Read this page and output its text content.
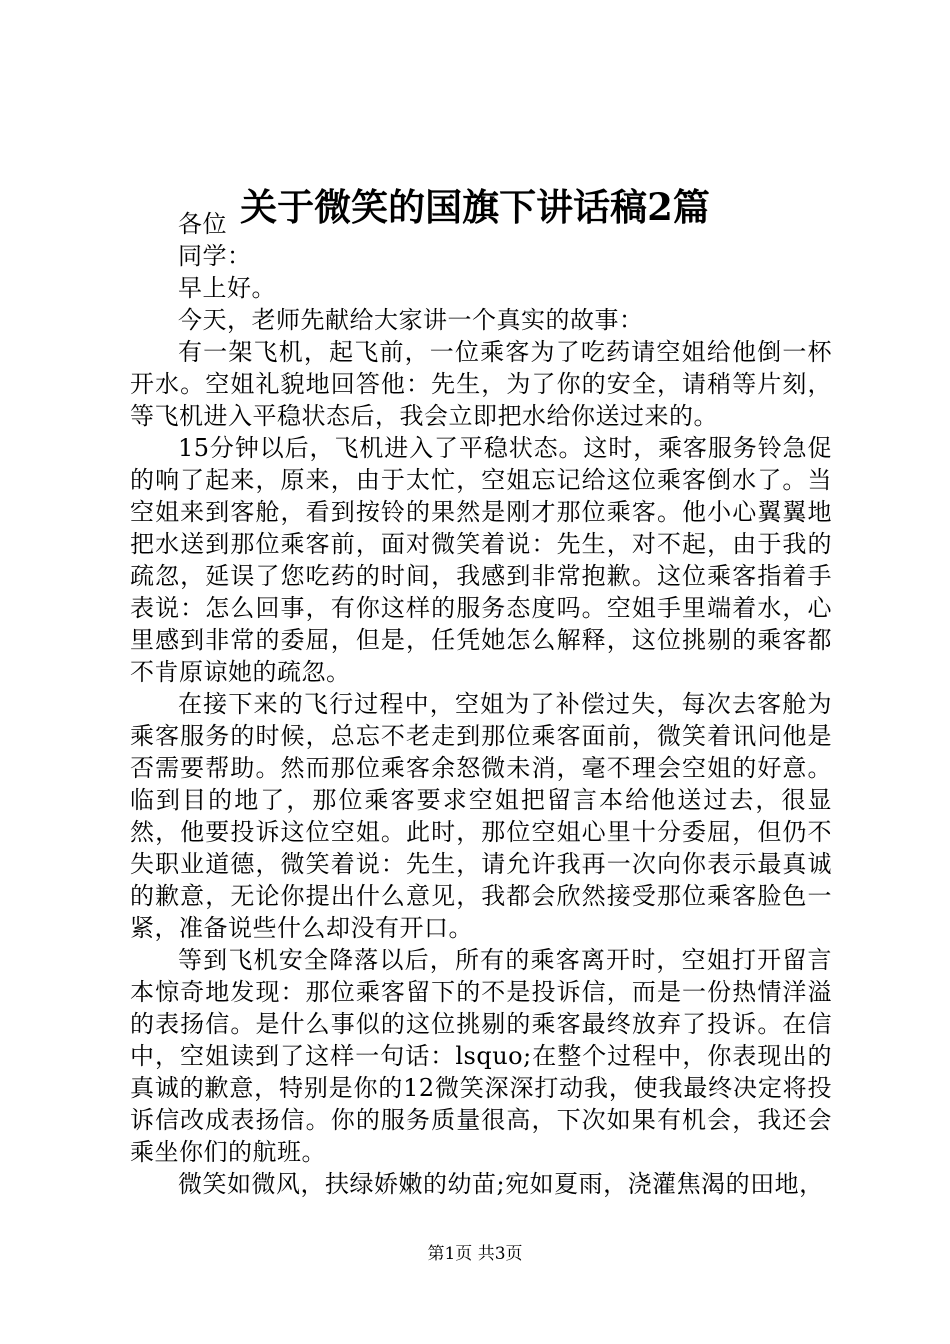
关于微笑的国旗下讲话稿2篇

各位

同学：

早上好。

今天，老师先献给大家讲一个真实的故事：

有一架飞机，起飞前，一位乘客为了吃药请空姐给他倒一杯开水。空姐礼貌地回答他：先生，为了你的安全，请稍等片刻，等飞机进入平稳状态后，我会立即把水给你送过来的。

15分钟以后，飞机进入了平稳状态。这时，乘客服务铃急促的响了起来，原来，由于太忙，空姐忘记给这位乘客倒水了。当空姐来到客舱，看到按铃的果然是刚才那位乘客。他小心翼翼地把水送到那位乘客前，面对微笑着说：先生，对不起，由于我的疏忽，延误了您吃药的时间，我感到非常抱歉。这位乘客指着手表说：怎么回事，有你这样的服务态度吗。空姐手里端着水，心里感到非常的委屈，但是，任凭她怎么解释，这位挑剔的乘客都不肯原谅她的疏忽。

在接下来的飞行过程中，空姐为了补偿过失，每次去客舱为乘客服务的时候，总忘不老走到那位乘客面前，微笑着讯问他是否需要帮助。然而那位乘客余怒微未消，毫不理会空姐的好意。临到目的地了，那位乘客要求空姐把留言本给他送过去，很显然，他要投诉这位空姐。此时，那位空姐心里十分委屈，但仍不失职业道德，微笑着说：先生，请允许我再一次向你表示最真诚的歉意，无论你提出什么意见，我都会欣然接受那位乘客脸色一紧，准备说些什么却没有开口。

等到飞机安全降落以后，所有的乘客离开时，空姐打开留言本惊奇地发现：那位乘客留下的不是投诉信，而是一份热情洋溢的表扬信。是什么事似的这位挑剔的乘客最终放弃了投诉。在信中，空姐读到了这样一句话：lsquo;在整个过程中，你表现出的真诚的歉意，特别是你的12微笑深深打动我，使我最终决定将投诉信改成表扬信。你的服务质量很高，下次如果有机会，我还会乘坐你们的航班。

微笑如微风，扶绿娇嫩的幼苗;宛如夏雨，浇灌焦渴的田地，

第1页 共3页
